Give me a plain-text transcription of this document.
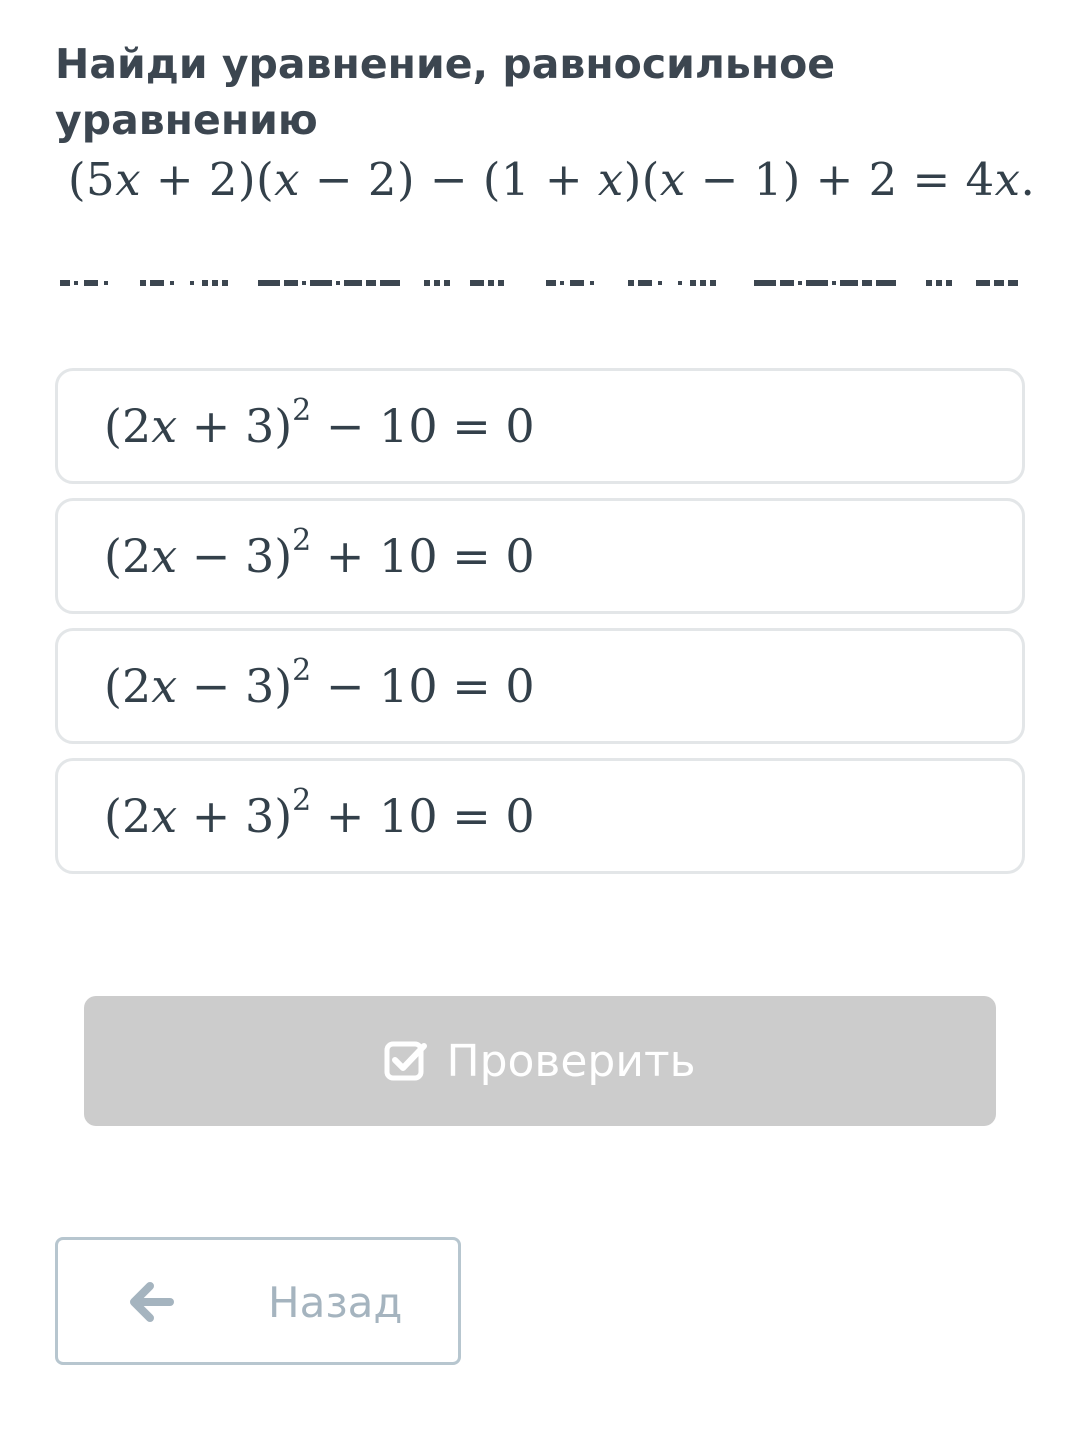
Найди уравнение, равносильное уравнению
(5x + 2)(x − 2) − (1 + x)(x − 1) + 2 = 4x.
$(2x + 3)^2 - 10 = 0$
$(2x - 3)^2 + 10 = 0$
$(2x - 3)^2 - 10 = 0$
$(2x + 3)^2 + 10 = 0$
Проверить
Назад
